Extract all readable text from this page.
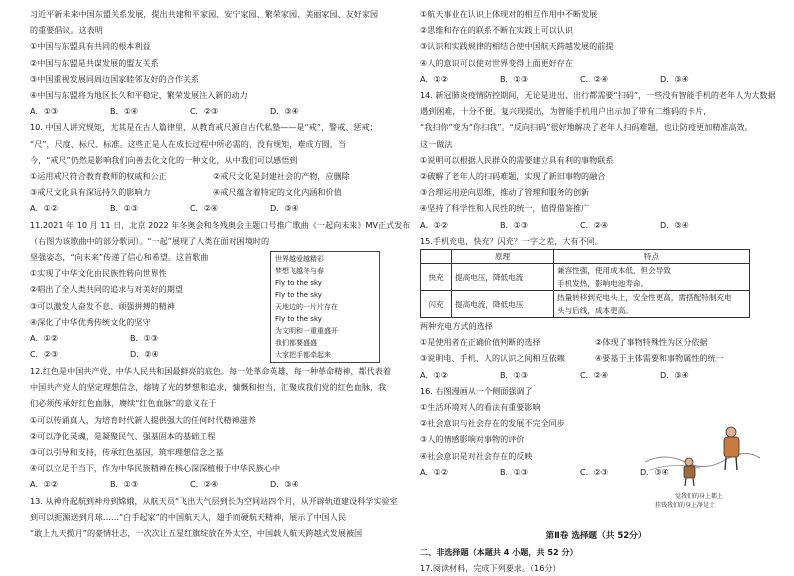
习近平新未来中国东盟关系发展，提出共建和平家园、安宁家园、繁荣家园、美丽家园、友好家园

的重要倡议。这表明

①中国与东盟具有共同的根本利益

②中国与东盟是共谋发展的盟友关系

③中国重视发展同周边国家睦邻友好的合作关系

④中国与东盟将为地区长久和平稳定、繁荣发展注入新的动力

A．①③	B．①④	C．②③	D．③④

10. 中国人讲究规矩，尤其是在古人篇律里，从教育戒尺源自古代私塾——是“戒”，警戒、惩戒；

“尺”，尺度、标尺、标准。这些正是人在成长过程中所必需的，没有规矩，难成方圆，当

今，“戒尺”仍然是影响我们向善去化文化的一种文化，从中我们可以感悟到

①运用戒尺符合教育教师的权威和公正	②戒尺文化是封建社会的产物，应删除
③戒尺文化具有深远持久的影响力	④戒尺蕴含着特定的文化内涵和价值
A．①②	B．①③	C．②④	D．③④

11.2021 年 10 月 11 日，北京 2022 年冬奥会和冬残奥会主题口号推广歌曲《一起向未来》MV正式发布

（右图为该歌曲中的部分歌词）。“一起”展现了人类在面对困境时的

坚强姿态，“向未来”传递了信心和希望。这首歌曲

①实现了中华文化由民族性转向世界性

②唱出了全人类共同的追求与对美好的期望

③可以激发人奋发不息、顽强拼搏的精神

④深化了中华优秀传统文化的坚守

A．①②	B．①③
C．②③	D．②④
世界越爱越精彩
梦想飞越冬与春
Fly to the sky
Fly to the sky
天地边的一片片存在
Fly to the sky
为文明和一重重盛开
我们都要盛盛
大家把手都牵起来

12.红色是中国共产党、中华人民共和国最鲜亮的底色。每一处革命英雄，每一种革命精神，都代表着

中国共产党人的坚定理想信念，熔铸了光的梦想和追求，慷慨和担当，汇聚成我们党的红色血脉，我

们必须传承好红色血脉，赓续“红色血脉”的意义在于

①可以传诵真人，为培育时代新人提供强大的任何时代精神滋养

②可以净化灵魂，是凝聚民气、强基固本的基础工程

③可以引导和支持，传承红色基因，筑牢理想信念之基

④可以立足于当下，作为中华民族精神在核心深深植根于中华民族心中

A．①②	B．①③	C．②④	D．③④

13. 从神舟起航到神舟到嫦娥，从航天员“飞出大气层到长为空间站四个月，从开辟轨道建设科学实验室

到可以扼源送到月球……“白手起家”的中国航天人，翅手而硬航天精神，展示了中国人民

“敢上九天揽月”的豪情壮志，一次次让五星红旗绽放在外太空，中国载人航天跨越式发展被国

①航天事业在认识上体现对的相互作用中不断发展

②思维和存在的联系不断在实践上可以认识

③认识和实践规律的相结合使中国航天跨越发展的前提

④人的意识可以使对世界变得上面更好存在

A．①②	B．①③	C．②④	D．③④

14. 新冠肺炎疫情防控期间，无论是进出、出行都需要“扫码”，一些没有智能手机的老年人为大数据

遇到困难，十分不便。复兴现提出，为智能手机用户出示加了带有二维码的卡片，

“我扫你”变为“你扫我”。“反向扫码”很好地解决了老年人扫码难题，也让防疫更加精准高效。

这一做法

①说明可以根据人民群众的需要建立具有利的事物联系

②破解了老年人的扫码难题，实现了新旧事物的融合

③合理运用逆向思维，推动了管理和服务的创新

④坚持了科学性和人民性的统一，值得借鉴推广

A．①②	B．①③	C．②④	D．③④

15.手机充电，快充？闪充？一字之差，大有不同。

	原理	特点
快充	提高电压，降低电流	兼容性强，使用成本低，但会导致
手机发热，影响电池寿命。

闪充	提高电流，降低电压	热量转移到充电头上，安全性更高，需搭配特制充电
头与后线，成本更高。

两种充电方式的选择

①是使用者在正确价值判断的选择	②体现了事物特殊性为区分依据
③说明电、手机、人的认识之间相互依赖	④要基于主体需要和事物属性的统一
A．①②	B．①③	C．②④	D．③④

16. 右图漫画从一个侧面强调了

①生活环境对人的看法有重要影响

②社会意识与社会存在的发展不完全同步

③人的情感影响对事物的评价

④社会意识是对社会存在的反映

A．①②	B．①③	C．②③	D．③④
觉我们的身上都上
挂钱我们的身上净是土

第Ⅱ卷 选择题（共 52分）

二、非选择题（本题共 4 小题，共 52 分）

17.阅读材料，完成下列要求。（16分）
